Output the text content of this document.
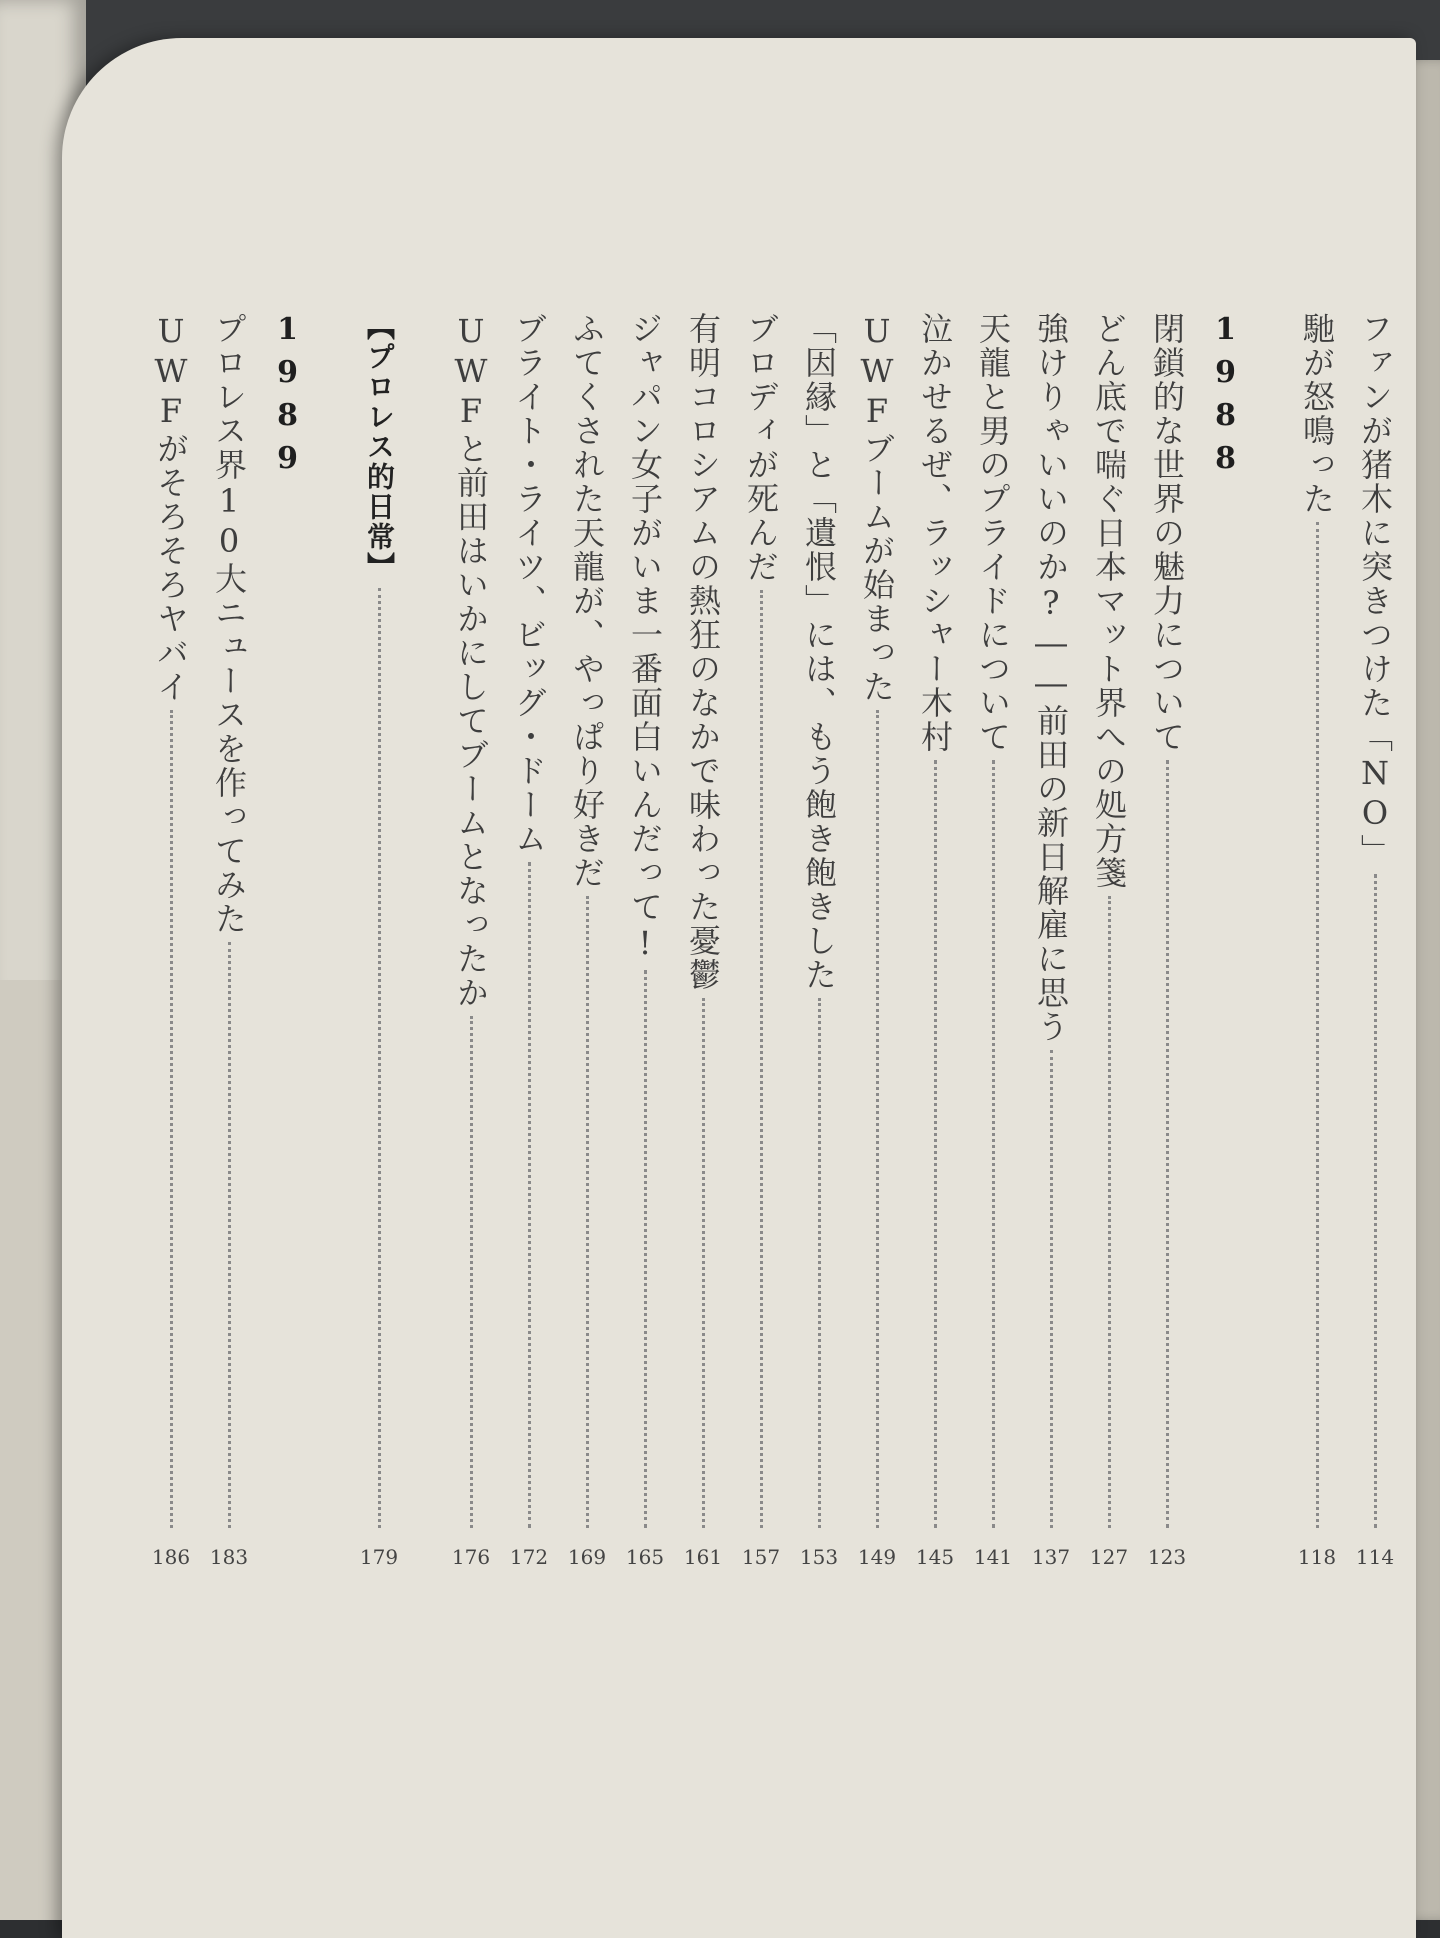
ファンが猪木に突きつけた「NO」
114
馳が怒鳴った
118
1988
閉鎖的な世界の魅力について
123
どん底で喘ぐ日本マット界への処方箋
127
強けりゃいいのか?――前田の新日解雇に思う
137
天龍と男のプライドについて
141
泣かせるぜ、ラッシャー木村
145
UWFブームが始まった
149
「因縁」と「遺恨」には、もう飽き飽きした
153
ブロディが死んだ
157
有明コロシアムの熱狂のなかで味わった憂鬱
161
ジャパン女子がいま一番面白いんだって!
165
ふてくされた天龍が、やっぱり好きだ
169
ブライト・ライツ、ビッグ・ドーム
172
UWFと前田はいかにしてブームとなったか
176
【プロレス的日常】
179
1989
プロレス界10大ニュースを作ってみた
183
UWFがそろそろヤバイ
186
